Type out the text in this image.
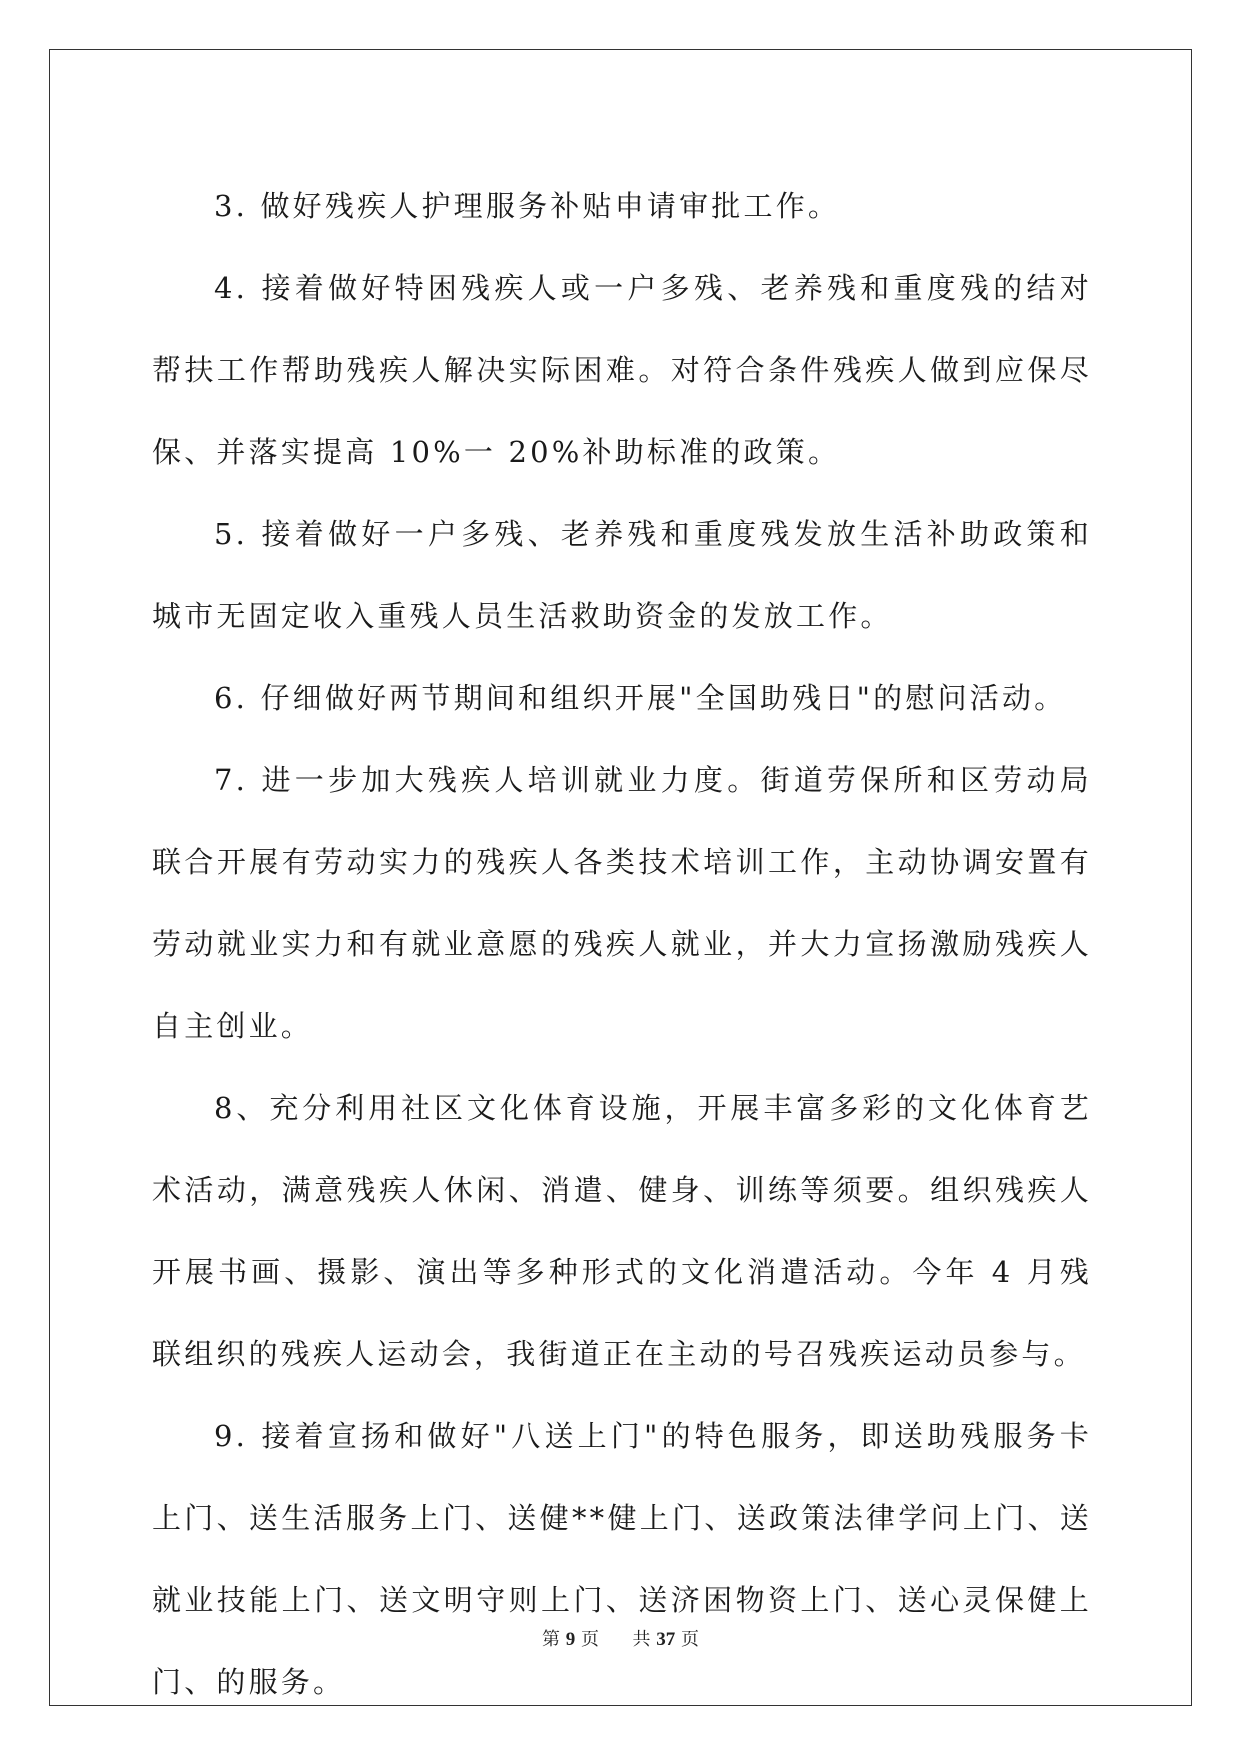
3. 做好残疾人护理服务补贴申请审批工作。

4. 接着做好特困残疾人或一户多残、老养残和重度残的结对帮扶工作帮助残疾人解决实际困难。对符合条件残疾人做到应保尽保、并落实提高 10%一 20%补助标准的政策。

5. 接着做好一户多残、老养残和重度残发放生活补助政策和城市无固定收入重残人员生活救助资金的发放工作。

6. 仔细做好两节期间和组织开展"全国助残日"的慰问活动。

7. 进一步加大残疾人培训就业力度。街道劳保所和区劳动局联合开展有劳动实力的残疾人各类技术培训工作，主动协调安置有劳动就业实力和有就业意愿的残疾人就业，并大力宣扬激励残疾人自主创业。

8、充分利用社区文化体育设施，开展丰富多彩的文化体育艺术活动，满意残疾人休闲、消遣、健身、训练等须要。组织残疾人开展书画、摄影、演出等多种形式的文化消遣活动。今年 4 月残联组织的残疾人运动会，我街道正在主动的号召残疾运动员参与。

9. 接着宣扬和做好"八送上门"的特色服务，即送助残服务卡上门、送生活服务上门、送健**健上门、送政策法律学问上门、送就业技能上门、送文明守则上门、送济困物资上门、送心灵保健上门、的服务。

第 9 页 共 37 页
